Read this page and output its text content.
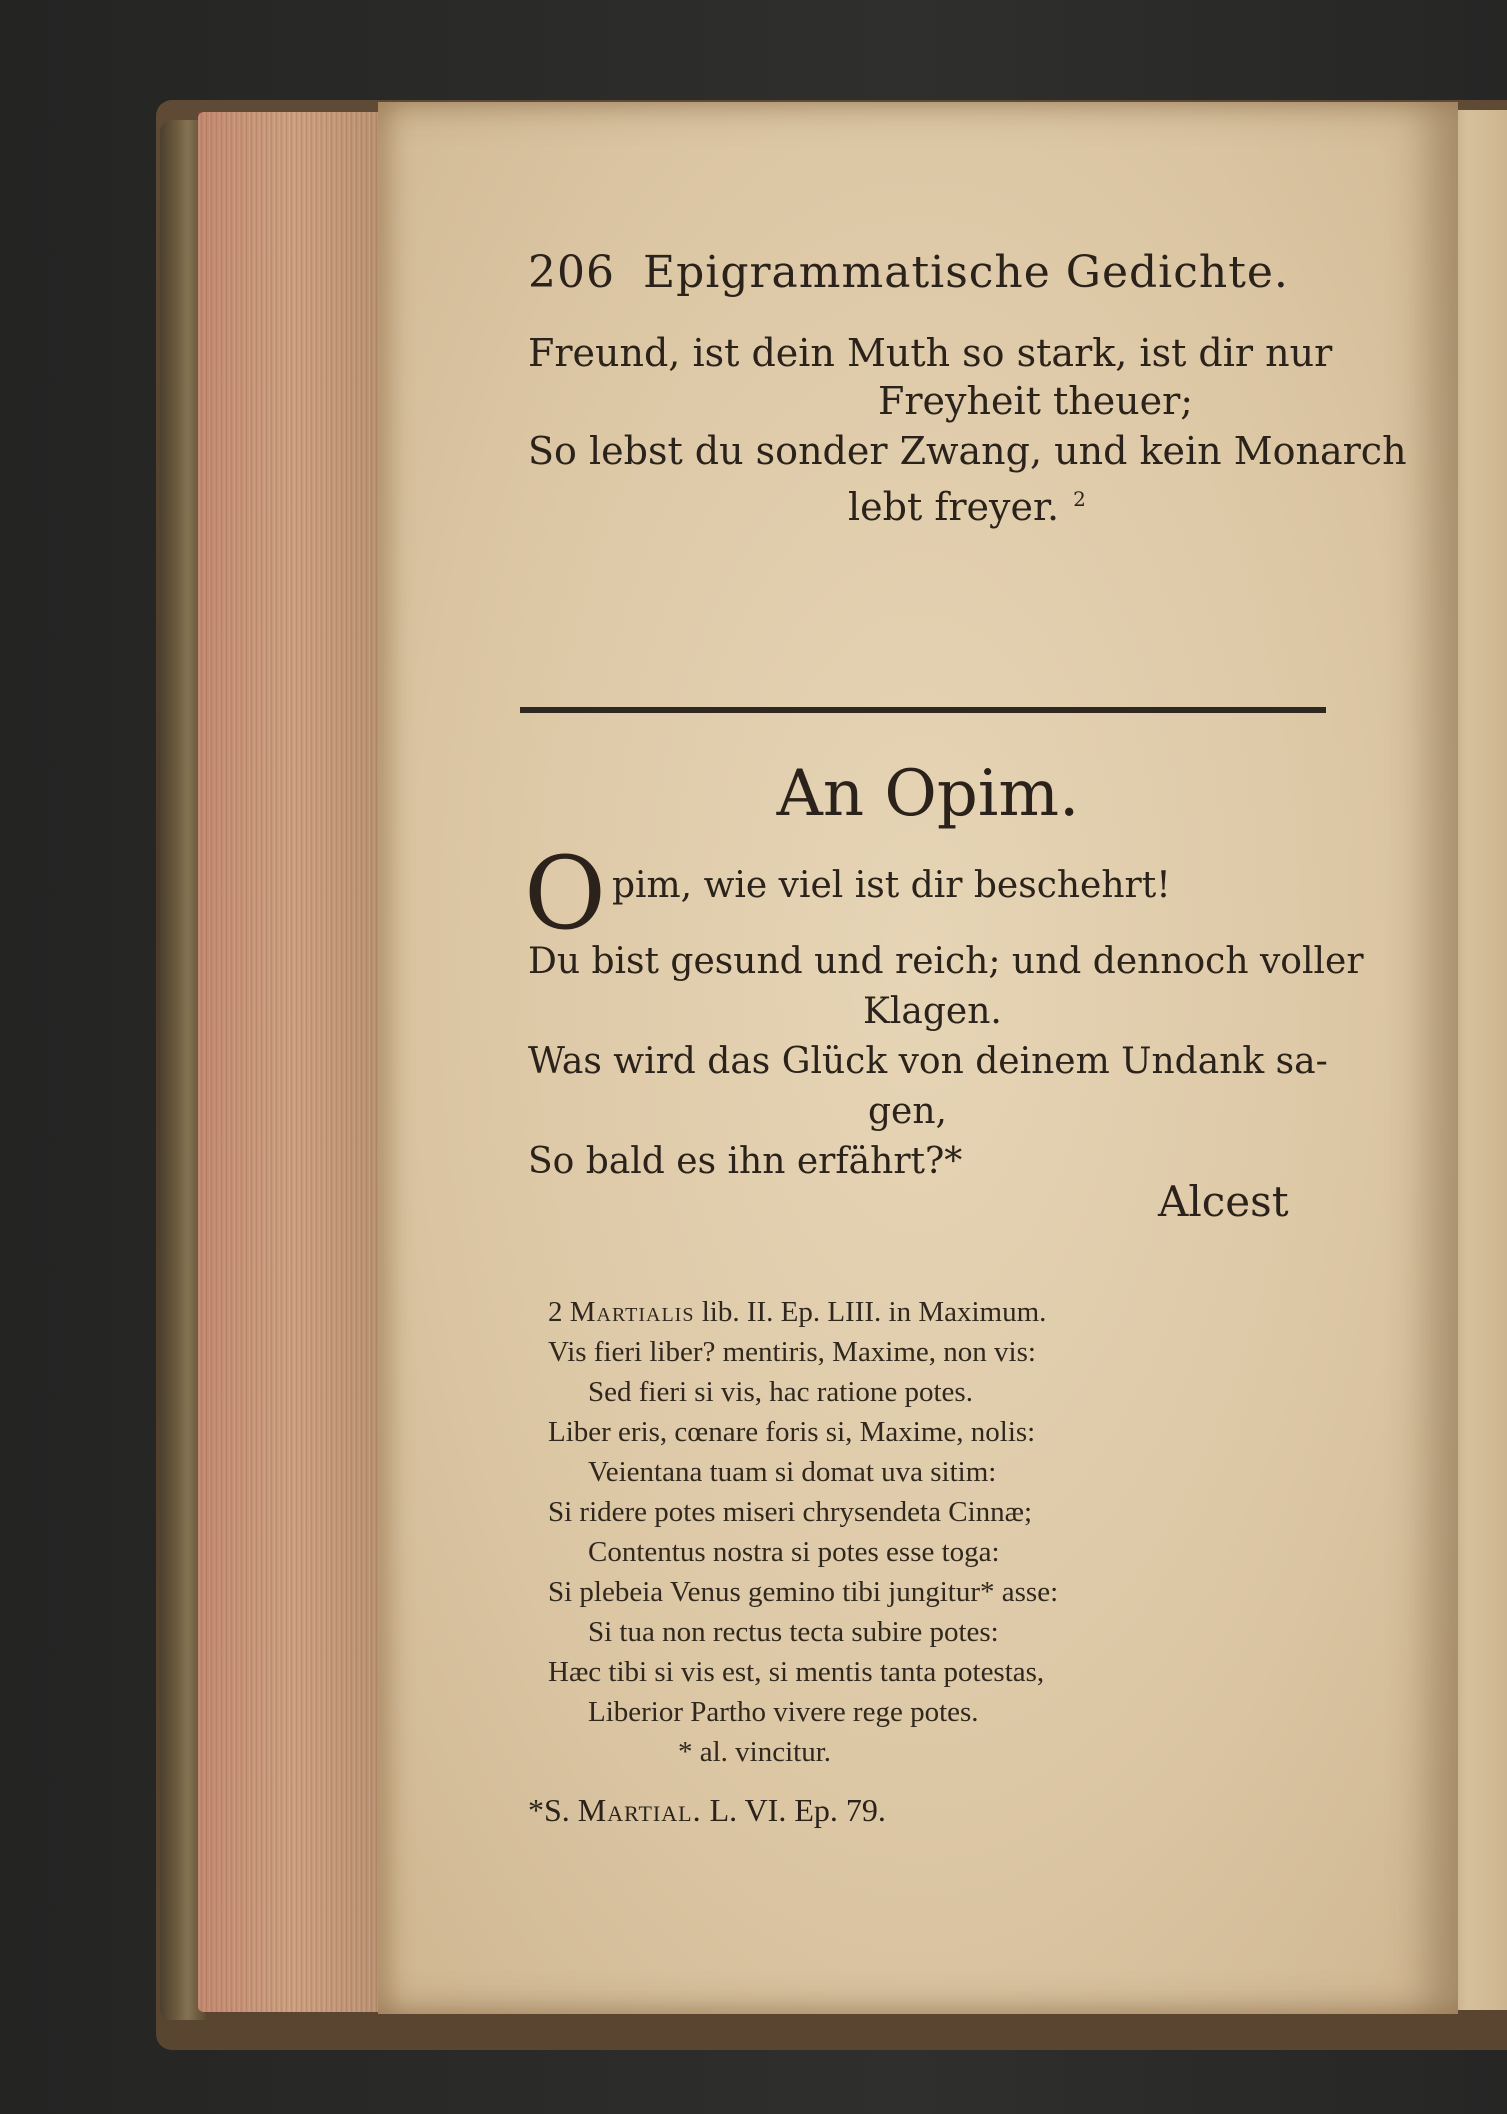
206 Epigrammatische Gedichte.
Freund, ist dein Muth so stark, ist dir nur
Freyheit theuer;
So lebst du sonder Zwang, und kein Monarch
lebt freyer. $^2$
An Opim.
O pim, wie viel ist dir beschehrt!
Du bist gesund und reich; und dennoch voller
Klagen.
Was wird das Glück von deinem Undank sa-
gen,
So bald es ihn erfährt?*
Alcest
2 Martialis lib. II. Ep. LIII. in Maximum.
Vis fieri liber? mentiris, Maxime, non vis:
Sed fieri si vis, hac ratione potes.
Liber eris, cœnare foris si, Maxime, nolis:
Veientana tuam si domat uva sitim:
Si ridere potes miseri chrysendeta Cinnæ;
Contentus nostra si potes esse toga:
Si plebeia Venus gemino tibi jungitur* asse:
Si tua non rectus tecta subire potes:
Hæc tibi si vis est, si mentis tanta potestas,
Liberior Partho vivere rege potes.
* al. vincitur.
*S. Martial. L. VI. Ep. 79.
